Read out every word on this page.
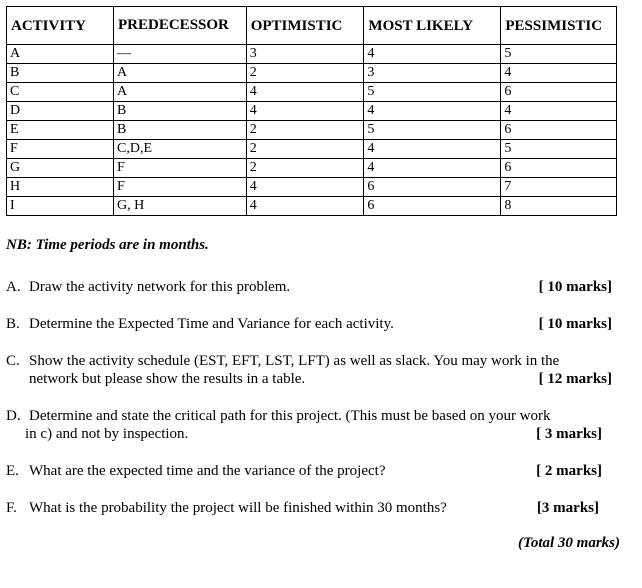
ACTIVITY	PREDECESSOR	OPTIMISTIC	MOST LIKELY	PESSIMISTIC
A	—	3	4	5
B	A	2	3	4
C	A	4	5	6
D	B	4	4	4
E	B	2	5	6
F	C,D,E	2	4	5
G	F	2	4	6
H	F	4	6	7
I	G, H	4	6	8
NB: Time periods are in months.
A. Draw the activity network for this problem.	[ 10 marks]
B. Determine the Expected Time and Variance for each activity.	[ 10 marks]
C. Show the activity schedule (EST, EFT, LST, LFT) as well as slack. You may work in the
network but please show the results in a table.	[ 12 marks]
D. Determine and state the critical path for this project. (This must be based on your work
in c) and not by inspection.	[ 3 marks]
E. What are the expected time and the variance of the project?	[ 2 marks]
F. What is the probability the project will be finished within 30 months?	[3 marks]
(Total 30 marks)
